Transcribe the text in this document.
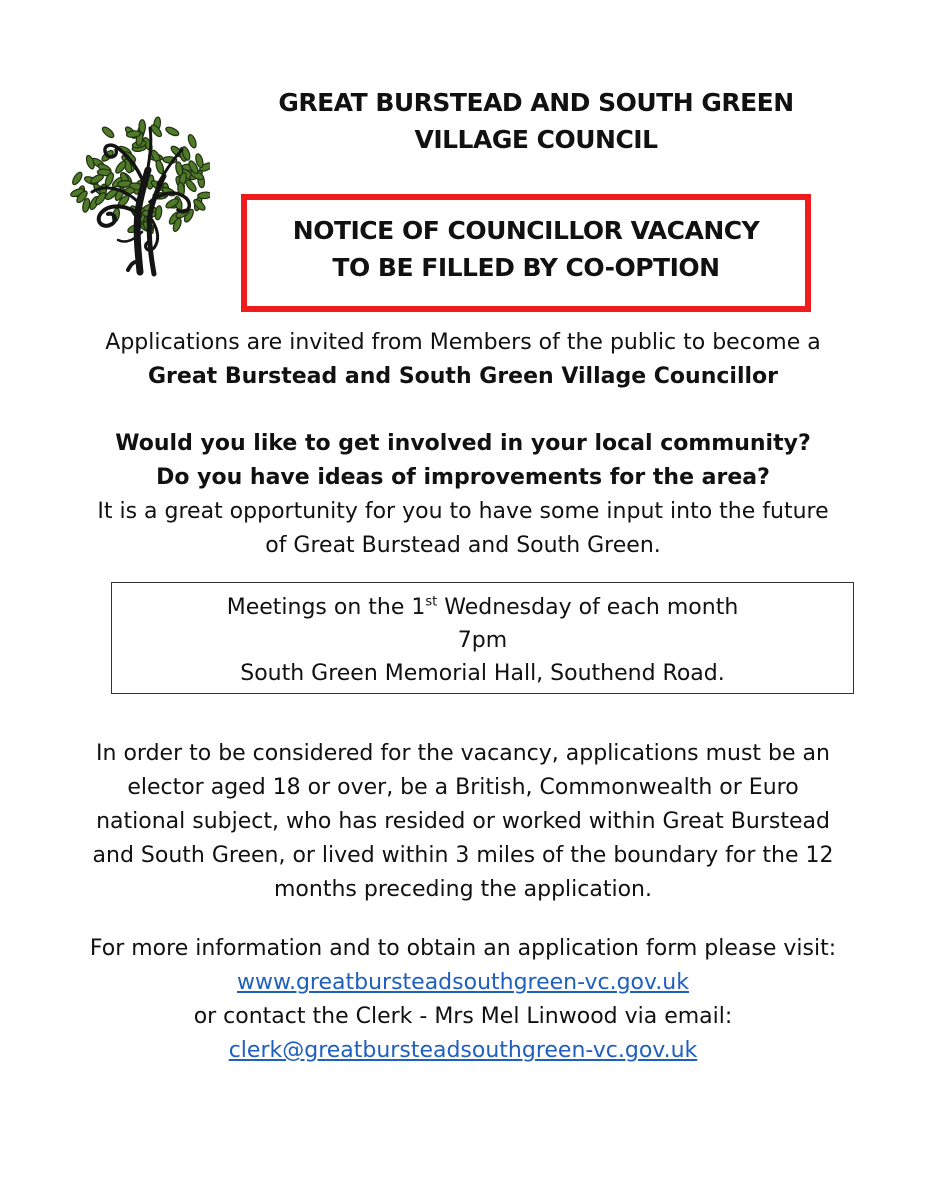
GREAT BURSTEAD AND SOUTH GREEN
VILLAGE COUNCIL
NOTICE OF COUNCILLOR VACANCY
TO BE FILLED BY CO-OPTION
Applications are invited from Members of the public to become a
Great Burstead and South Green Village Councillor
Would you like to get involved in your local community?
Do you have ideas of improvements for the area?
It is a great opportunity for you to have some input into the future
of Great Burstead and South Green.
Meetings on the 1st Wednesday of each month
7pm
South Green Memorial Hall, Southend Road.
In order to be considered for the vacancy, applications must be an
elector aged 18 or over, be a British, Commonwealth or Euro
national subject, who has resided or worked within Great Burstead
and South Green, or lived within 3 miles of the boundary for the 12
months preceding the application.
For more information and to obtain an application form please visit:
www.greatbursteadsouthgreen-vc.gov.uk
or contact the Clerk - Mrs Mel Linwood via email:
clerk@greatbursteadsouthgreen-vc.gov.uk
